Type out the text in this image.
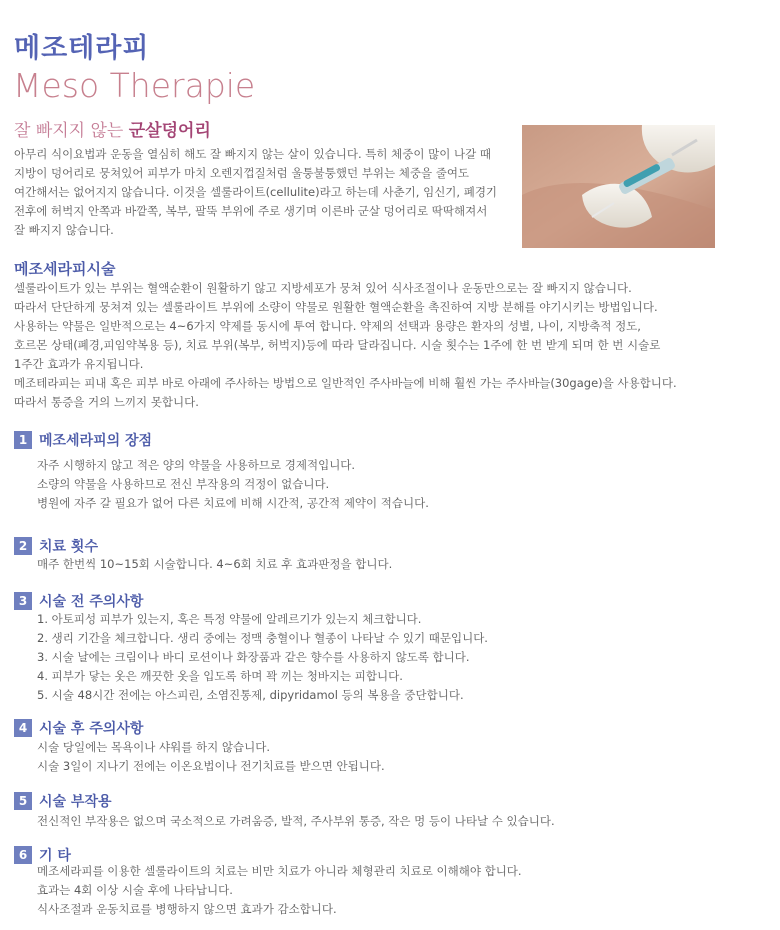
메조테라피
Meso Therapie
잘 빠지지 않는 군살덩어리
아무리 식이요법과 운동을 열심히 해도 잘 빠지지 않는 살이 있습니다. 특히 체중이 많이 나갈 때
지방이 덩어리로 뭉쳐있어 피부가 마치 오렌지껍질처럼 울퉁불퉁했던 부위는 체중을 줄여도
여간해서는 없어지지 않습니다. 이것을 셀룰라이트(cellulite)라고 하는데 사춘기, 임신기, 폐경기
전후에 허벅지 안쪽과 바깥쪽, 복부, 팔뚝 부위에 주로 생기며 이른바 군살 덩어리로 딱딱해져서
잘 빠지지 않습니다.
메조세라피시술
셀룰라이트가 있는 부위는 혈액순환이 원활하기 않고 지방세포가 뭉쳐 있어 식사조절이나 운동만으로는 잘 빠지지 않습니다.
따라서 단단하게 뭉쳐져 있는 셀룰라이트 부위에 소량이 약물로 원활한 혈액순환을 촉진하여 지방 분해를 야기시키는 방법입니다.
사용하는 약물은 일반적으로는 4~6가지 약제를 동시에 투여 합니다. 약제의 선택과 용량은 환자의 성별, 나이, 지방축적 정도,
호르몬 상태(폐경,피임약복용 등), 치료 부위(복부, 허벅지)등에 따라 달라집니다. 시술 횟수는 1주에 한 번 받게 되며 한 번 시술로
1주간 효과가 유지됩니다.
메조테라피는 피내 혹은 피부 바로 아래에 주사하는 방법으로 일반적인 주사바늘에 비해 훨씬 가는 주사바늘(30gage)을 사용합니다.
따라서 통증을 거의 느끼지 못합니다.
1 메조세라피의 장점
자주 시행하지 않고 적은 양의 약물을 사용하므로 경제적입니다.
소량의 약물을 사용하므로 전신 부작용의 걱정이 없습니다.
병원에 자주 갈 필요가 없어 다른 치료에 비해 시간적, 공간적 제약이 적습니다.
2 치료 횟수
매주 한번씩 10~15회 시술합니다. 4~6회 치료 후 효과판정을 합니다.
3 시술 전 주의사항
1. 아토피성 피부가 있는지, 혹은 특정 약물에 알레르기가 있는지 체크합니다.
2. 생리 기간을 체크합니다. 생리 중에는 정맥 충혈이나 혈종이 나타날 수 있기 때문입니다.
3. 시술 날에는 크림이나 바디 로션이나 화장품과 같은 향수를 사용하지 않도록 합니다.
4. 피부가 닿는 옷은 깨끗한 옷을 입도록 하며 꽉 끼는 청바지는 피합니다.
5. 시술 48시간 전에는 아스피린, 소염진통제, dipyridamol 등의 복용을 중단합니다.
4 시술 후 주의사항
시술 당일에는 목욕이나 샤워를 하지 않습니다.
시술 3일이 지나기 전에는 이온요법이나 전기치료를 받으면 안됩니다.
5 시술 부작용
전신적인 부작용은 없으며 국소적으로 가려움증, 발적, 주사부위 통증, 작은 멍 등이 나타날 수 있습니다.
6 기 타
메조세라피를 이용한 셀룰라이트의 치료는 비만 치료가 아니라 체형관리 치료로 이해해야 합니다.
효과는 4회 이상 시술 후에 나타납니다.
식사조절과 운동치료를 병행하지 않으면 효과가 감소합니다.
